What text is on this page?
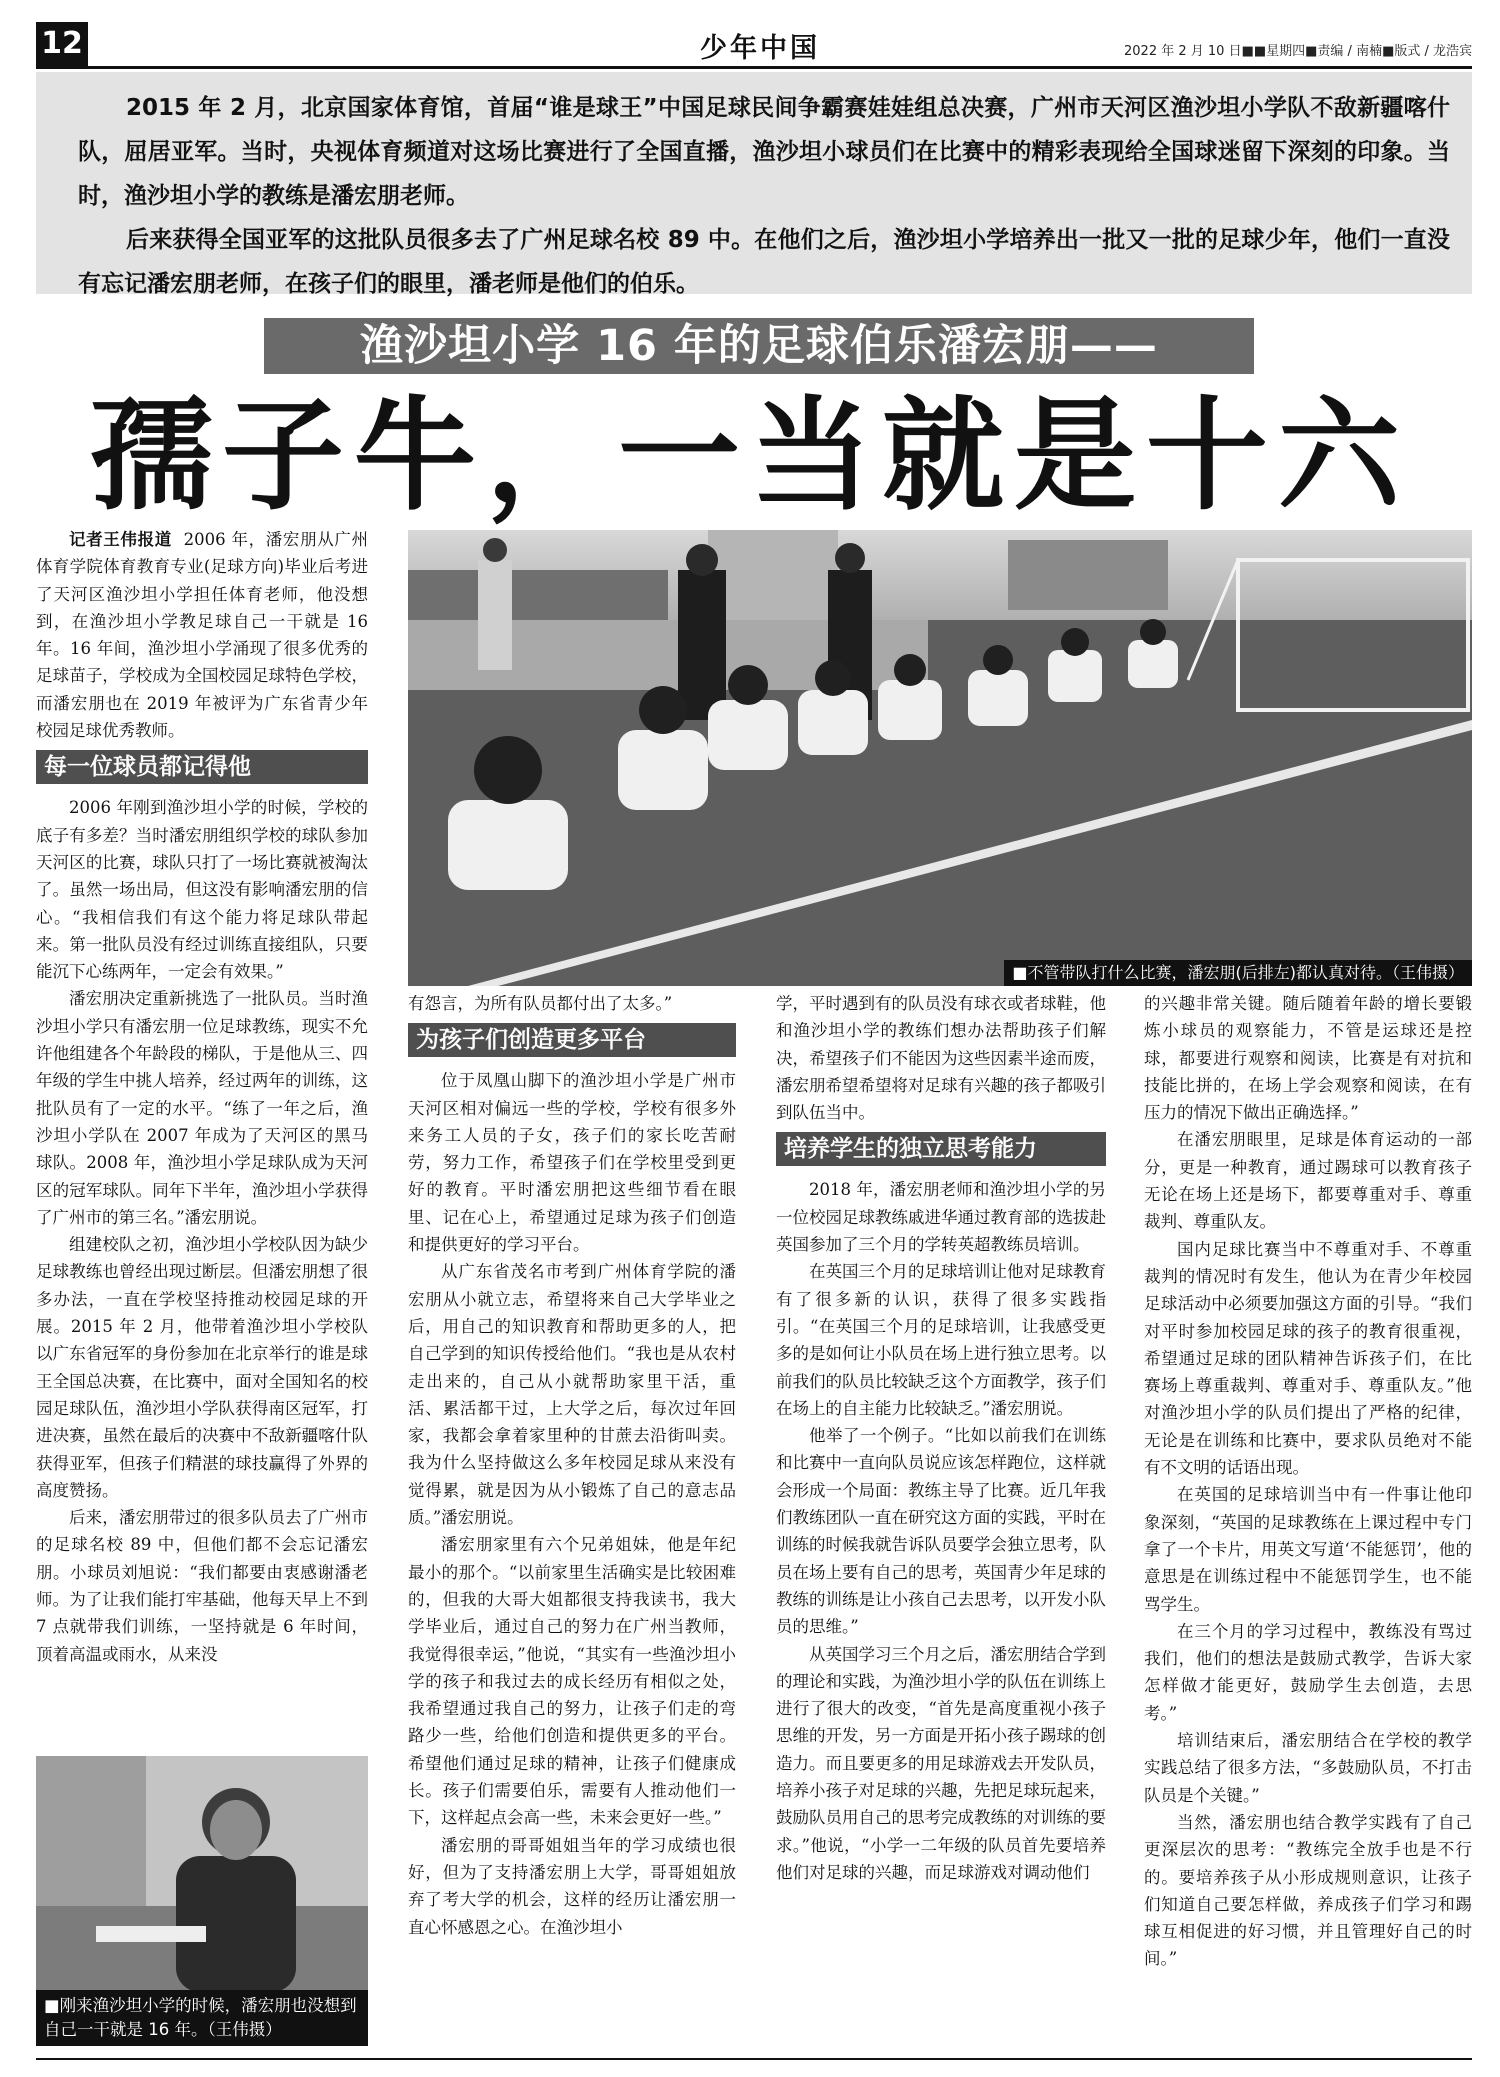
12	少年中国	2022 年 2 月 10 日■■星期四■责编 / 南楠■版式 / 龙浩宾

2015 年 2 月，北京国家体育馆，首届“谁是球王”中国足球民间争霸赛娃娃组总决赛，广州市天河区渔沙坦小学队不敌新疆喀什队，屈居亚军。当时，央视体育频道对这场比赛进行了全国直播，渔沙坦小球员们在比赛中的精彩表现给全国球迷留下深刻的印象。当时，渔沙坦小学的教练是潘宏朋老师。

后来获得全国亚军的这批队员很多去了广州足球名校 89 中。在他们之后，渔沙坦小学培养出一批又一批的足球少年，他们一直没有忘记潘宏朋老师，在孩子们的眼里，潘老师是他们的伯乐。

渔沙坦小学 16 年的足球伯乐潘宏朋——
孺子牛，一当就是十六

记者王伟报道 2006 年，潘宏朋从广州体育学院体育教育专业(足球方向)毕业后考进了天河区渔沙坦小学担任体育老师，他没想到，在渔沙坦小学教足球自己一干就是 16 年。16 年间，渔沙坦小学涌现了很多优秀的足球苗子，学校成为全国校园足球特色学校，而潘宏朋也在 2019 年被评为广东省青少年校园足球优秀教师。

每一位球员都记得他

2006 年刚到渔沙坦小学的时候，学校的底子有多差？当时潘宏朋组织学校的球队参加天河区的比赛，球队只打了一场比赛就被淘汰了。虽然一场出局，但这没有影响潘宏朋的信心。“我相信我们有这个能力将足球队带起来。第一批队员没有经过训练直接组队，只要能沉下心练两年，一定会有效果。”

潘宏朋决定重新挑选了一批队员。当时渔沙坦小学只有潘宏朋一位足球教练，现实不允许他组建各个年龄段的梯队，于是他从三、四年级的学生中挑人培养，经过两年的训练，这批队员有了一定的水平。“练了一年之后，渔沙坦小学队在 2007 年成为了天河区的黑马球队。2008 年，渔沙坦小学足球队成为天河区的冠军球队。同年下半年，渔沙坦小学获得了广州市的第三名。”潘宏朋说。

组建校队之初，渔沙坦小学校队因为缺少足球教练也曾经出现过断层。但潘宏朋想了很多办法，一直在学校坚持推动校园足球的开展。2015 年 2 月，他带着渔沙坦小学校队以广东省冠军的身份参加在北京举行的谁是球王全国总决赛，在比赛中，面对全国知名的校园足球队伍，渔沙坦小学队获得南区冠军，打进决赛，虽然在最后的决赛中不敌新疆喀什队获得亚军，但孩子们精湛的球技赢得了外界的高度赞扬。

后来，潘宏朋带过的很多队员去了广州市的足球名校 89 中，但他们都不会忘记潘宏朋。小球员刘旭说：“我们都要由衷感谢潘老师。为了让我们能打牢基础，他每天早上不到 7 点就带我们训练，一坚持就是 6 年时间，顶着高温或雨水，从来没

■不管带队打什么比赛，潘宏朋(后排左)都认真对待。（王伟摄）

有怨言，为所有队员都付出了太多。”

为孩子们创造更多平台

位于凤凰山脚下的渔沙坦小学是广州市天河区相对偏远一些的学校，学校有很多外来务工人员的子女，孩子们的家长吃苦耐劳，努力工作，希望孩子们在学校里受到更好的教育。平时潘宏朋把这些细节看在眼里、记在心上，希望通过足球为孩子们创造和提供更好的学习平台。

从广东省茂名市考到广州体育学院的潘宏朋从小就立志，希望将来自己大学毕业之后，用自己的知识教育和帮助更多的人，把自己学到的知识传授给他们。“我也是从农村走出来的，自己从小就帮助家里干活，重活、累活都干过，上大学之后，每次过年回家，我都会拿着家里种的甘蔗去沿街叫卖。我为什么坚持做这么多年校园足球从来没有觉得累，就是因为从小锻炼了自己的意志品质。”潘宏朋说。

潘宏朋家里有六个兄弟姐妹，他是年纪最小的那个。“以前家里生活确实是比较困难的，但我的大哥大姐都很支持我读书，我大学毕业后，通过自己的努力在广州当教师，我觉得很幸运，”他说，“其实有一些渔沙坦小学的孩子和我过去的成长经历有相似之处，我希望通过我自己的努力，让孩子们走的弯路少一些，给他们创造和提供更多的平台。希望他们通过足球的精神，让孩子们健康成长。孩子们需要伯乐，需要有人推动他们一下，这样起点会高一些，未来会更好一些。”

潘宏朋的哥哥姐姐当年的学习成绩也很好，但为了支持潘宏朋上大学，哥哥姐姐放弃了考大学的机会，这样的经历让潘宏朋一直心怀感恩之心。在渔沙坦小

学，平时遇到有的队员没有球衣或者球鞋，他和渔沙坦小学的教练们想办法帮助孩子们解决，希望孩子们不能因为这些因素半途而废，潘宏朋希望希望将对足球有兴趣的孩子都吸引到队伍当中。

培养学生的独立思考能力

2018 年，潘宏朋老师和渔沙坦小学的另一位校园足球教练戚进华通过教育部的选拔赴英国参加了三个月的学转英超教练员培训。

在英国三个月的足球培训让他对足球教育有了很多新的认识，获得了很多实践指引。“在英国三个月的足球培训，让我感受更多的是如何让小队员在场上进行独立思考。以前我们的队员比较缺乏这个方面教学，孩子们在场上的自主能力比较缺乏。”潘宏朋说。

他举了一个例子。“比如以前我们在训练和比赛中一直向队员说应该怎样跑位，这样就会形成一个局面：教练主导了比赛。近几年我们教练团队一直在研究这方面的实践，平时在训练的时候我就告诉队员要学会独立思考，队员在场上要有自己的思考，英国青少年足球的教练的训练是让小孩自己去思考，以开发小队员的思维。”

从英国学习三个月之后，潘宏朋结合学到的理论和实践，为渔沙坦小学的队伍在训练上进行了很大的改变，“首先是高度重视小孩子思维的开发，另一方面是开拓小孩子踢球的创造力。而且要更多的用足球游戏去开发队员，培养小孩子对足球的兴趣，先把足球玩起来，鼓励队员用自己的思考完成教练的对训练的要求。”他说，“小学一二年级的队员首先要培养他们对足球的兴趣，而足球游戏对调动他们

的兴趣非常关键。随后随着年龄的增长要锻炼小球员的观察能力，不管是运球还是控球，都要进行观察和阅读，比赛是有对抗和技能比拼的，在场上学会观察和阅读，在有压力的情况下做出正确选择。”

在潘宏朋眼里，足球是体育运动的一部分，更是一种教育，通过踢球可以教育孩子无论在场上还是场下，都要尊重对手、尊重裁判、尊重队友。

国内足球比赛当中不尊重对手、不尊重裁判的情况时有发生，他认为在青少年校园足球活动中必须要加强这方面的引导。“我们对平时参加校园足球的孩子的教育很重视，希望通过足球的团队精神告诉孩子们，在比赛场上尊重裁判、尊重对手、尊重队友。”他对渔沙坦小学的队员们提出了严格的纪律，无论是在训练和比赛中，要求队员绝对不能有不文明的话语出现。

在英国的足球培训当中有一件事让他印象深刻，“英国的足球教练在上课过程中专门拿了一个卡片，用英文写道‘不能惩罚’，他的意思是在训练过程中不能惩罚学生，也不能骂学生。

在三个月的学习过程中，教练没有骂过我们，他们的想法是鼓励式教学，告诉大家怎样做才能更好，鼓励学生去创造，去思考。”

培训结束后，潘宏朋结合在学校的教学实践总结了很多方法，“多鼓励队员，不打击队员是个关键。”

当然，潘宏朋也结合教学实践有了自己更深层次的思考：“教练完全放手也是不行的。要培养孩子从小形成规则意识，让孩子们知道自己要怎样做，养成孩子们学习和踢球互相促进的好习惯，并且管理好自己的时间。”

■刚来渔沙坦小学的时候，潘宏朋也没想到自己一干就是 16 年。（王伟摄）
